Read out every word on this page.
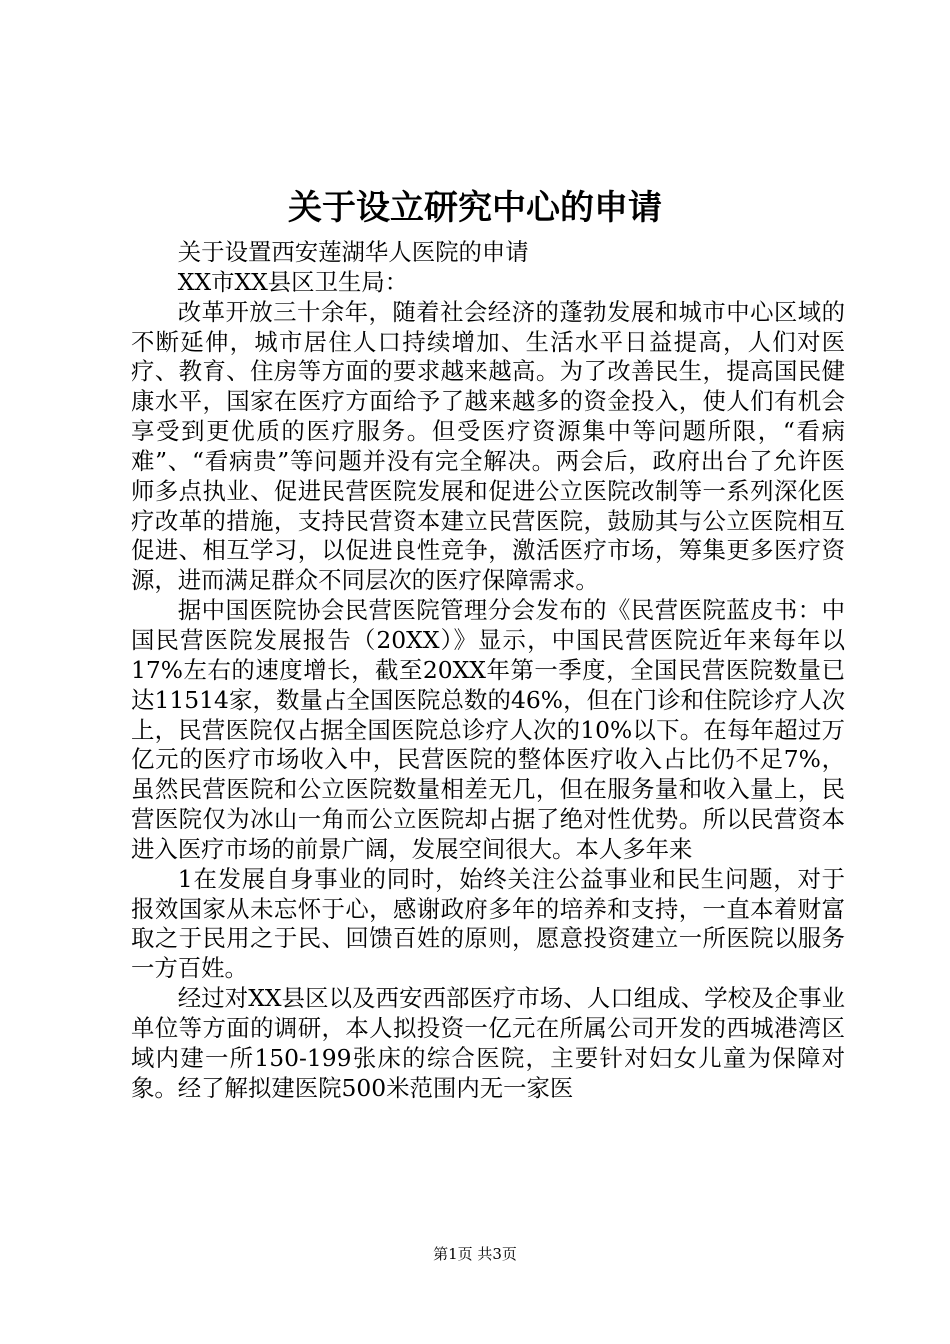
关于设立研究中心的申请

关于设置西安莲湖华人医院的申请

XX市XX县区卫生局：

改革开放三十余年，随着社会经济的蓬勃发展和城市中心区域的不断延伸，城市居住人口持续增加、生活水平日益提高，人们对医疗、教育、住房等方面的要求越来越高。为了改善民生，提高国民健康水平，国家在医疗方面给予了越来越多的资金投入，使人们有机会享受到更优质的医疗服务。但受医疗资源集中等问题所限，“看病难”、“看病贵”等问题并没有完全解决。两会后，政府出台了允许医师多点执业、促进民营医院发展和促进公立医院改制等一系列深化医疗改革的措施，支持民营资本建立民营医院，鼓励其与公立医院相互促进、相互学习，以促进良性竞争，激活医疗市场，筹集更多医疗资源，进而满足群众不同层次的医疗保障需求。

据中国医院协会民营医院管理分会发布的《民营医院蓝皮书：中国民营医院发展报告（20XX）》显示，中国民营医院近年来每年以17%左右的速度增长，截至20XX年第一季度，全国民营医院数量已达11514家，数量占全国医院总数的46%，但在门诊和住院诊疗人次上，民营医院仅占据全国医院总诊疗人次的10%以下。在每年超过万亿元的医疗市场收入中，民营医院的整体医疗收入占比仍不足7%，虽然民营医院和公立医院数量相差无几，但在服务量和收入量上，民营医院仅为冰山一角而公立医院却占据了绝对性优势。所以民营资本进入医疗市场的前景广阔，发展空间很大。本人多年来

1在发展自身事业的同时，始终关注公益事业和民生问题，对于报效国家从未忘怀于心，感谢政府多年的培养和支持，一直本着财富取之于民用之于民、回馈百姓的原则，愿意投资建立一所医院以服务一方百姓。

经过对XX县区以及西安西部医疗市场、人口组成、学校及企事业单位等方面的调研，本人拟投资一亿元在所属公司开发的西城港湾区域内建一所150-199张床的综合医院，主要针对妇女儿童为保障对象。经了解拟建医院500米范围内无一家医

第1页 共3页
